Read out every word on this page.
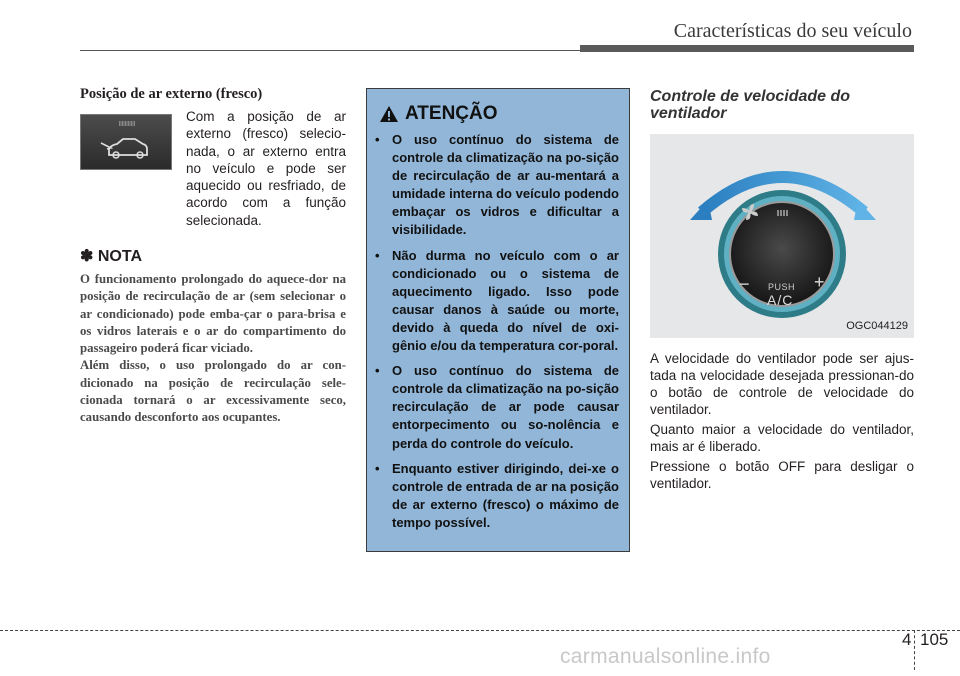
Características do seu veículo
Posição de ar externo (fresco)

Com a posição de ar externo (fresco) selecio-nada, o ar externo entra no veículo e pode ser aquecido ou resfriado, de acordo com a função selecionada.

✽ NOTA

O funcionamento prolongado do aquece-dor na posição de recirculação de ar (sem selecionar o ar condicionado) pode emba-çar o para-brisa e os vidros laterais e o ar do compartimento do passageiro poderá ficar viciado.

Além disso, o uso prolongado do ar con-dicionado na posição de recirculação sele-cionada tornará o ar excessivamente seco, causando desconforto aos ocupantes.

ATENÇÃO
• O uso contínuo do sistema de controle da climatização na po-sição de recirculação de ar au-mentará a umidade interna do veículo podendo embaçar os vidros e dificultar a visibilidade.
• Não durma no veículo com o ar condicionado ou o sistema de aquecimento ligado. Isso pode causar danos à saúde ou morte, devido à queda do nível de oxi-gênio e/ou da temperatura cor-poral.
• O uso contínuo do sistema de controle da climatização na po-sição recirculação de ar pode causar entorpecimento ou so-nolência e perda do controle do veículo.
• Enquanto estiver dirigindo, dei-xe o controle de entrada de ar na posição de ar externo (fresco) o máximo de tempo possível.
Controle de velocidade do ventilador
−	+
PUSH
A/C
OGC044129

A velocidade do ventilador pode ser ajus-tada na velocidade desejada pressionan-do o botão de controle de velocidade do ventilador.

Quanto maior a velocidade do ventilador, mais ar é liberado.

Pressione o botão OFF para desligar o ventilador.

4 105
carmanualsonline.info
